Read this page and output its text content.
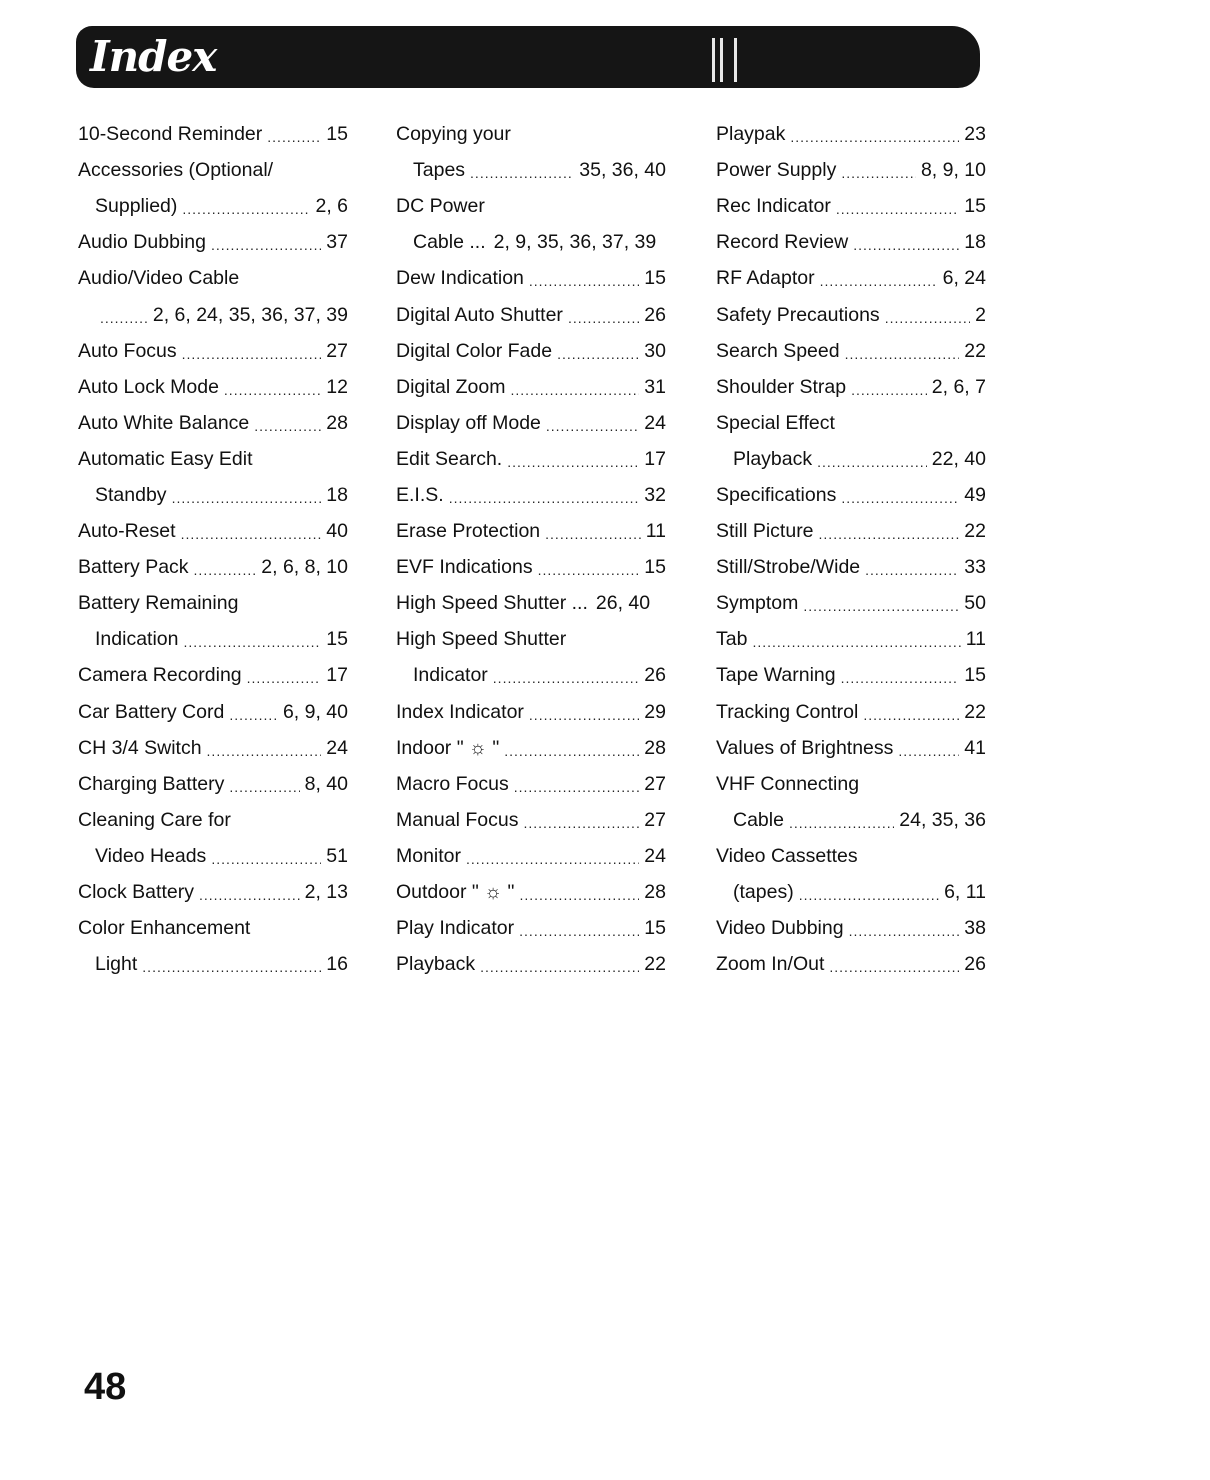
Index
10-Second Reminder .....	15
Accessories (Optional/
Supplied) .....	2, 6
Audio Dubbing .....	37
Audio/Video Cable
.....
2, 6, 24, 35, 36, 37, 39
Auto Focus .....	27
Auto Lock Mode .....	12
Auto White Balance .....	28
Automatic Easy Edit
Standby .....	18
Auto-Reset .....	40
Battery Pack .....	2, 6, 8, 10
Battery Remaining
Indication .....	15
Camera Recording .....	17
Car Battery Cord .....	6, 9, 40
CH 3/4 Switch .....	24
Charging Battery .....	8, 40
Cleaning Care for
Video Heads .....	51
Clock Battery .....	2, 13
Color Enhancement
Light .....	16
Copying your
Tapes .....	35, 36, 40
DC Power
Cable ... 2, 9, 35, 36, 37, 39
Dew Indication .....	15
Digital Auto Shutter .....	26
Digital Color Fade .....	30
Digital Zoom .....	31
Display off Mode .....	24
Edit Search. .....	17
E.I.S. .....	32
Erase Protection .....	11
EVF Indications .....	15
High Speed Shutter ... 26, 40
High Speed Shutter
Indicator .....	26
Index Indicator .....	29
Indoor " ☼ " .....	28
Macro Focus .....	27
Manual Focus .....	27
Monitor .....	24
Outdoor " ☼ " .....	28
Play Indicator .....	15
Playback .....	22
Playpak .....	23
Power Supply .....	8, 9, 10
Rec Indicator .....	15
Record Review .....	18
RF Adaptor .....	6, 24
Safety Precautions .....	2
Search Speed .....	22
Shoulder Strap .....	2, 6, 7
Special Effect
Playback .....	22, 40
Specifications .....	49
Still Picture .....	22
Still/Strobe/Wide .....	33
Symptom .....	50
Tab .....	11
Tape Warning .....	15
Tracking Control .....	22
Values of Brightness .....	41
VHF Connecting
Cable .....	24, 35, 36
Video Cassettes
(tapes) .....	6, 11
Video Dubbing .....	38
Zoom In/Out .....	26
48
